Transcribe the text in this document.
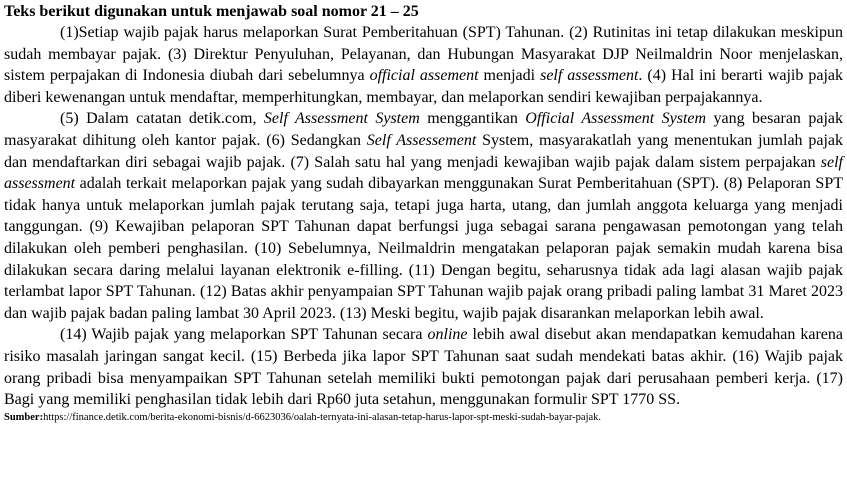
Teks berikut digunakan untuk menjawab soal nomor 21 – 25

(1)Setiap wajib pajak harus melaporkan Surat Pemberitahuan (SPT) Tahunan. (2) Rutinitas ini tetap dilakukan meskipun sudah membayar pajak. (3) Direktur Penyuluhan, Pelayanan, dan Hubungan Masyarakat DJP Neilmaldrin Noor menjelaskan, sistem perpajakan di Indonesia diubah dari sebelumnya official assement menjadi self assessment. (4) Hal ini berarti wajib pajak diberi kewenangan untuk mendaftar, memperhitungkan, membayar, dan melaporkan sendiri kewajiban perpajakannya.

(5) Dalam catatan detik.com, Self Assessment System menggantikan Official Assessment System yang besaran pajak masyarakat dihitung oleh kantor pajak. (6) Sedangkan Self Assessement System, masyarakatlah yang menentukan jumlah pajak dan mendaftarkan diri sebagai wajib pajak. (7) Salah satu hal yang menjadi kewajiban wajib pajak dalam sistem perpajakan self assessment adalah terkait melaporkan pajak yang sudah dibayarkan menggunakan Surat Pemberitahuan (SPT). (8) Pelaporan SPT tidak hanya untuk melaporkan jumlah pajak terutang saja, tetapi juga harta, utang, dan jumlah anggota keluarga yang menjadi tanggungan. (9) Kewajiban pelaporan SPT Tahunan dapat berfungsi juga sebagai sarana pengawasan pemotongan yang telah dilakukan oleh pemberi penghasilan. (10) Sebelumnya, Neilmaldrin mengatakan pelaporan pajak semakin mudah karena bisa dilakukan secara daring melalui layanan elektronik e-filling. (11) Dengan begitu, seharusnya tidak ada lagi alasan wajib pajak terlambat lapor SPT Tahunan. (12) Batas akhir penyampaian SPT Tahunan wajib pajak orang pribadi paling lambat 31 Maret 2023 dan wajib pajak badan paling lambat 30 April 2023. (13) Meski begitu, wajib pajak disarankan melaporkan lebih awal.

(14) Wajib pajak yang melaporkan SPT Tahunan secara online lebih awal disebut akan mendapatkan kemudahan karena risiko masalah jaringan sangat kecil. (15) Berbeda jika lapor SPT Tahunan saat sudah mendekati batas akhir. (16) Wajib pajak orang pribadi bisa menyampaikan SPT Tahunan setelah memiliki bukti pemotongan pajak dari perusahaan pemberi kerja. (17) Bagi yang memiliki penghasilan tidak lebih dari Rp60 juta setahun, menggunakan formulir SPT 1770 SS.

Sumber:https://finance.detik.com/berita-ekonomi-bisnis/d-6623036/oalah-ternyata-ini-alasan-tetap-harus-lapor-spt-meski-sudah-bayar-pajak.
